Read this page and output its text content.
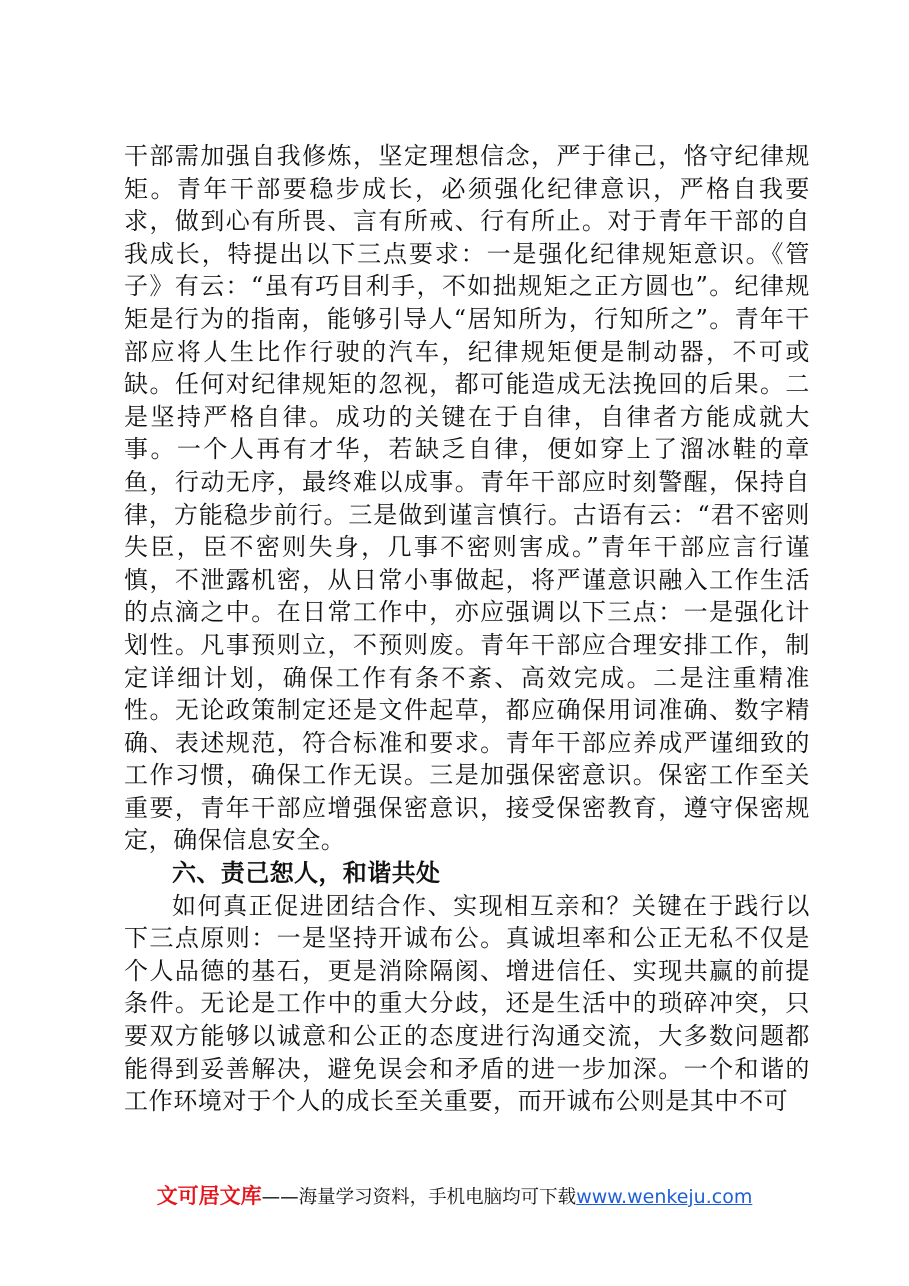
干部需加强自我修炼，坚定理想信念，严于律己，恪守纪律规矩。青年干部要稳步成长，必须强化纪律意识，严格自我要求，做到心有所畏、言有所戒、行有所止。对于青年干部的自我成长，特提出以下三点要求：一是强化纪律规矩意识。《管子》有云：“虽有巧目利手，不如拙规矩之正方圆也”。纪律规矩是行为的指南，能够引导人“居知所为，行知所之”。青年干部应将人生比作行驶的汽车，纪律规矩便是制动器，不可或缺。任何对纪律规矩的忽视，都可能造成无法挽回的后果。二是坚持严格自律。成功的关键在于自律，自律者方能成就大事。一个人再有才华，若缺乏自律，便如穿上了溜冰鞋的章鱼，行动无序，最终难以成事。青年干部应时刻警醒，保持自律，方能稳步前行。三是做到谨言慎行。古语有云：“君不密则失臣，臣不密则失身，几事不密则害成。”青年干部应言行谨慎，不泄露机密，从日常小事做起，将严谨意识融入工作生活的点滴之中。在日常工作中，亦应强调以下三点：一是强化计划性。凡事预则立，不预则废。青年干部应合理安排工作，制定详细计划，确保工作有条不紊、高效完成。二是注重精准性。无论政策制定还是文件起草，都应确保用词准确、数字精确、表述规范，符合标准和要求。青年干部应养成严谨细致的工作习惯，确保工作无误。三是加强保密意识。保密工作至关重要，青年干部应增强保密意识，接受保密教育，遵守保密规定，确保信息安全。

六、责己恕人，和谐共处

如何真正促进团结合作、实现相互亲和？关键在于践行以下三点原则：一是坚持开诚布公。真诚坦率和公正无私不仅是个人品德的基石，更是消除隔阂、增进信任、实现共赢的前提条件。无论是工作中的重大分歧，还是生活中的琐碎冲突，只要双方能够以诚意和公正的态度进行沟通交流，大多数问题都能得到妥善解决，避免误会和矛盾的进一步加深。一个和谐的工作环境对于个人的成长至关重要，而开诚布公则是其中不可

文可居文库——海量学习资料，手机电脑均可下载www.wenkeju.com
